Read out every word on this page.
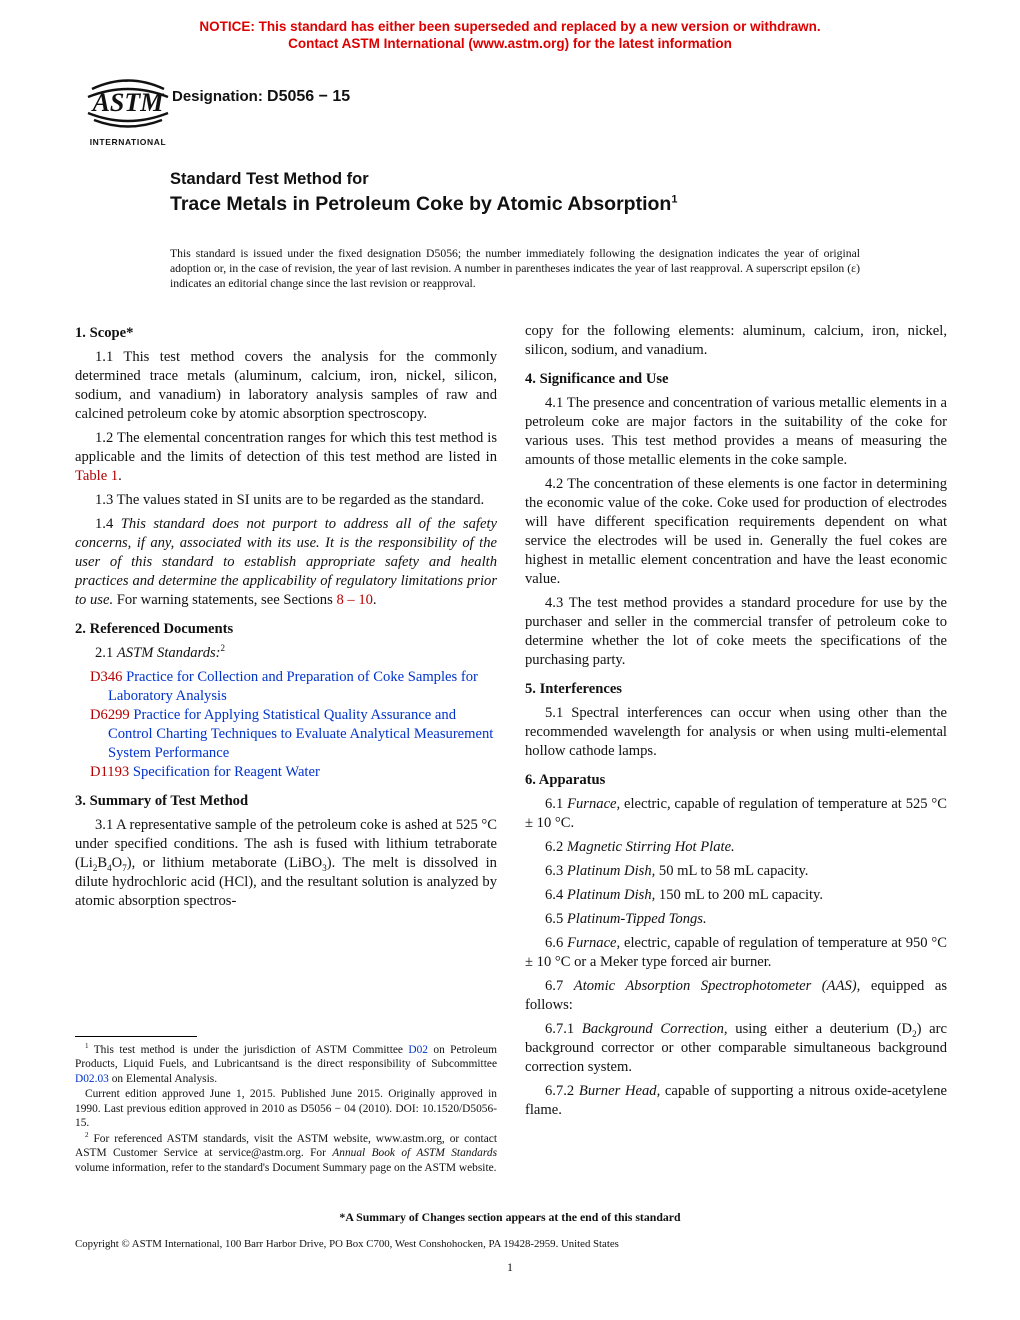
NOTICE: This standard has either been superseded and replaced by a new version or withdrawn.
Contact ASTM International (www.astm.org) for the latest information
ASTM
INTERNATIONAL
Designation: D5056 − 15
Standard Test Method for
Trace Metals in Petroleum Coke by Atomic Absorption$^1$
This standard is issued under the fixed designation D5056; the number immediately following the designation indicates the year of original adoption or, in the case of revision, the year of last revision. A number in parentheses indicates the year of last reapproval. A superscript epsilon (ε) indicates an editorial change since the last revision or reapproval.
1. Scope*
1.1 This test method covers the analysis for the commonly determined trace metals (aluminum, calcium, iron, nickel, silicon, sodium, and vanadium) in laboratory analysis samples of raw and calcined petroleum coke by atomic absorption spectroscopy.
1.2 The elemental concentration ranges for which this test method is applicable and the limits of detection of this test method are listed in Table 1.
1.3 The values stated in SI units are to be regarded as the standard.
1.4 This standard does not purport to address all of the safety concerns, if any, associated with its use. It is the responsibility of the user of this standard to establish appropriate safety and health practices and determine the applicability of regulatory limitations prior to use. For warning statements, see Sections 8 – 10.
2. Referenced Documents
2.1 ASTM Standards:$^2$
D346 Practice for Collection and Preparation of Coke Samples for Laboratory Analysis
D6299 Practice for Applying Statistical Quality Assurance and Control Charting Techniques to Evaluate Analytical Measurement System Performance
D1193 Specification for Reagent Water
3. Summary of Test Method
3.1 A representative sample of the petroleum coke is ashed at 525 °C under specified conditions. The ash is fused with lithium tetraborate $(Li_2B_4O_7)$, or lithium metaborate (LiBO$_3$). The melt is dissolved in dilute hydrochloric acid (HCl), and the resultant solution is analyzed by atomic absorption spectros-
$^1$ This test method is under the jurisdiction of ASTM Committee D02 on Petroleum Products, Liquid Fuels, and Lubricantsand is the direct responsibility of Subcommittee D02.03 on Elemental Analysis.
Current edition approved June 1, 2015. Published June 2015. Originally approved in 1990. Last previous edition approved in 2010 as D5056 − 04 (2010). DOI: 10.1520/D5056-15.
$^2$ For referenced ASTM standards, visit the ASTM website, www.astm.org, or contact ASTM Customer Service at service@astm.org. For Annual Book of ASTM Standards volume information, refer to the standard's Document Summary page on the ASTM website.
copy for the following elements: aluminum, calcium, iron, nickel, silicon, sodium, and vanadium.
4. Significance and Use
4.1 The presence and concentration of various metallic elements in a petroleum coke are major factors in the suitability of the coke for various uses. This test method provides a means of measuring the amounts of those metallic elements in the coke sample.
4.2 The concentration of these elements is one factor in determining the economic value of the coke. Coke used for production of electrodes will have different specification requirements dependent on what service the electrodes will be used in. Generally the fuel cokes are highest in metallic element concentration and have the least economic value.
4.3 The test method provides a standard procedure for use by the purchaser and seller in the commercial transfer of petroleum coke to determine whether the lot of coke meets the specifications of the purchasing party.
5. Interferences
5.1 Spectral interferences can occur when using other than the recommended wavelength for analysis or when using multi-elemental hollow cathode lamps.
6. Apparatus
6.1 Furnace, electric, capable of regulation of temperature at 525 °C ± 10 °C.
6.2 Magnetic Stirring Hot Plate.
6.3 Platinum Dish, 50 mL to 58 mL capacity.
6.4 Platinum Dish, 150 mL to 200 mL capacity.
6.5 Platinum-Tipped Tongs.
6.6 Furnace, electric, capable of regulation of temperature at 950 °C ± 10 °C or a Meker type forced air burner.
6.7 Atomic Absorption Spectrophotometer (AAS), equipped as follows:
6.7.1 Background Correction, using either a deuterium $(D_2)$ arc background corrector or other comparable simultaneous background correction system.
6.7.2 Burner Head, capable of supporting a nitrous oxide-acetylene flame.
*A Summary of Changes section appears at the end of this standard
Copyright © ASTM International, 100 Barr Harbor Drive, PO Box C700, West Conshohocken, PA 19428-2959. United States
1
